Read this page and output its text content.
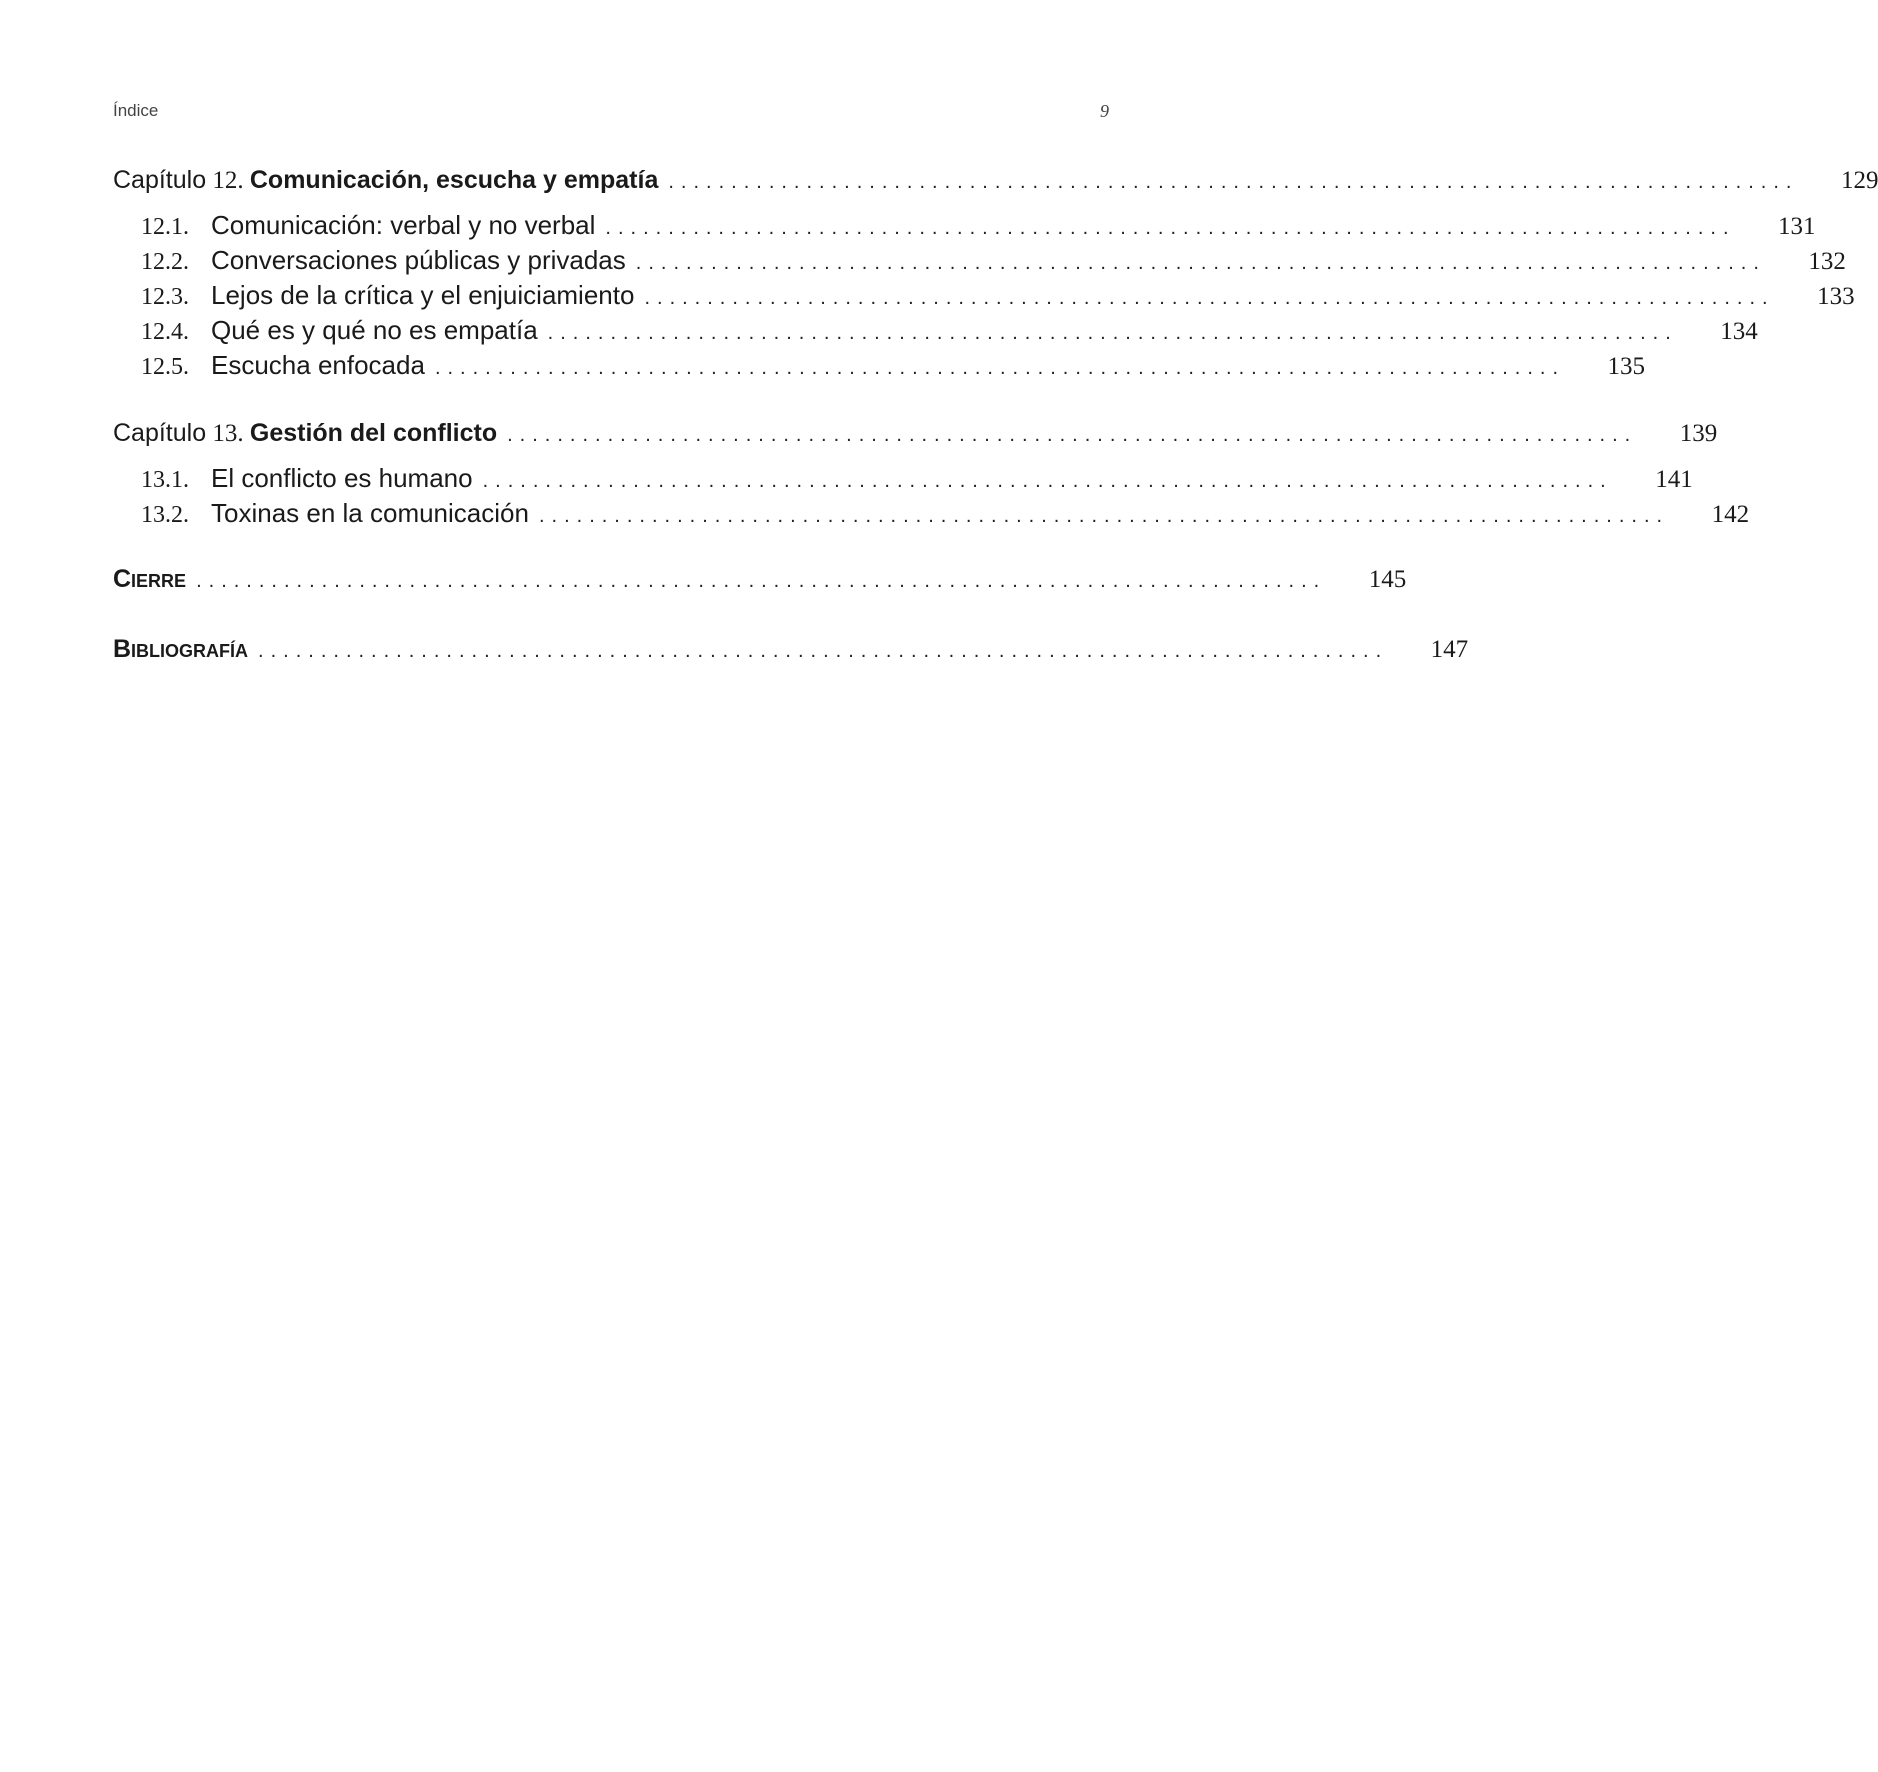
Índice	9
Capítulo 12. Comunicación, escucha y empatía ..........................................................................................	129
12.1. Comunicación: verbal y no verbal ..........................................................................................	131
12.2. Conversaciones públicas y privadas ..........................................................................................	132
12.3. Lejos de la crítica y el enjuiciamiento ..........................................................................................	133
12.4. Qué es y qué no es empatía ..........................................................................................	134
12.5. Escucha enfocada ..........................................................................................	135
Capítulo 13. Gestión del conflicto ..........................................................................................	139
13.1. El conflicto es humano ..........................................................................................	141
13.2. Toxinas en la comunicación ..........................................................................................	142
Cierre ..........................................................................................	145
Bibliografía ..........................................................................................	147
